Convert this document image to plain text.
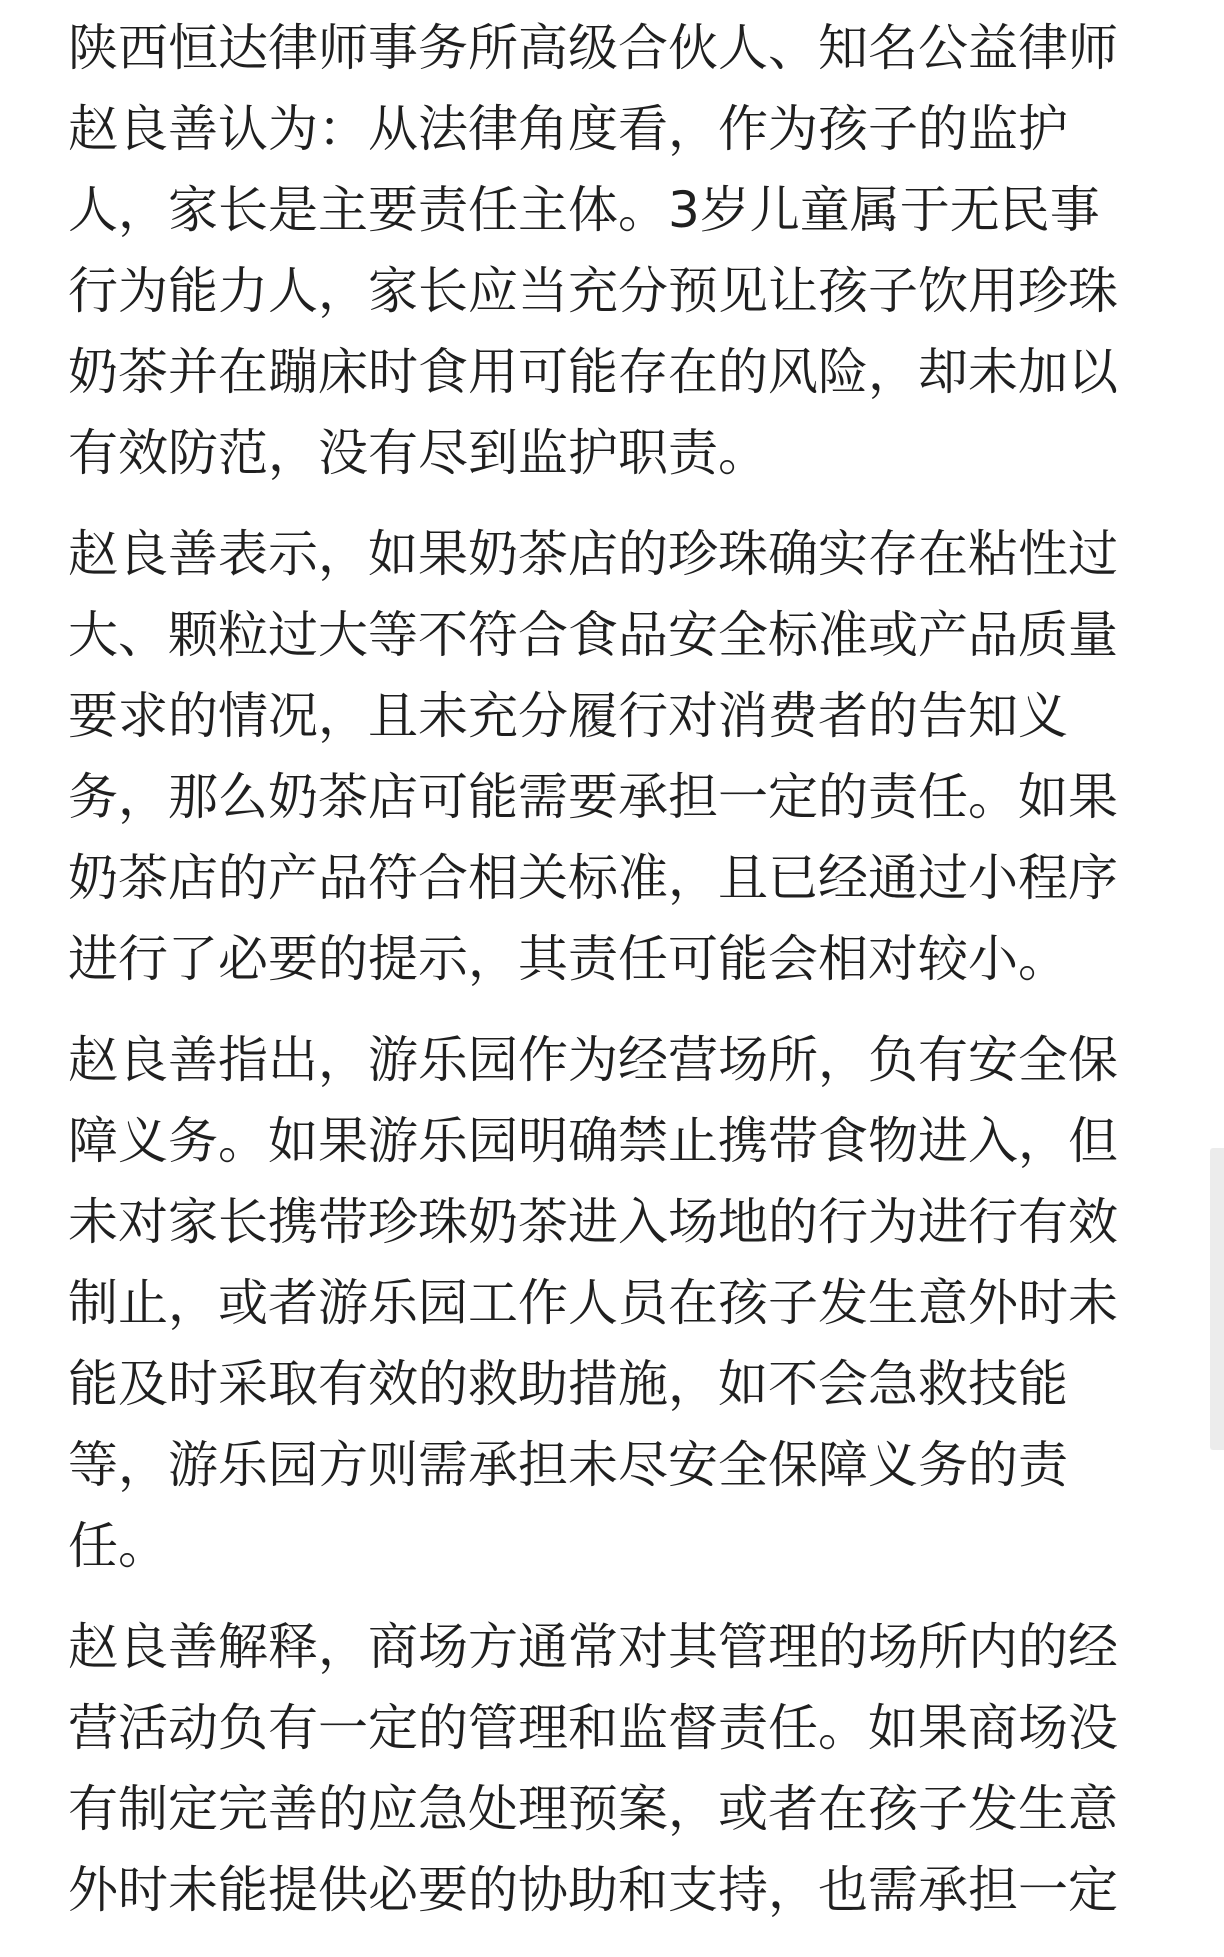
陕西恒达律师事务所高级合伙人、知名公益律师
赵良善认为：从法律角度看，作为孩子的监护
人，家长是主要责任主体。3岁儿童属于无民事
行为能力人，家长应当充分预见让孩子饮用珍珠
奶茶并在蹦床时食用可能存在的风险，却未加以
有效防范，没有尽到监护职责。

赵良善表示，如果奶茶店的珍珠确实存在粘性过
大、颗粒过大等不符合食品安全标准或产品质量
要求的情况，且未充分履行对消费者的告知义
务，那么奶茶店可能需要承担一定的责任。如果
奶茶店的产品符合相关标准，且已经通过小程序
进行了必要的提示，其责任可能会相对较小。

赵良善指出，游乐园作为经营场所，负有安全保
障义务。如果游乐园明确禁止携带食物进入，但
未对家长携带珍珠奶茶进入场地的行为进行有效
制止，或者游乐园工作人员在孩子发生意外时未
能及时采取有效的救助措施，如不会急救技能
等，游乐园方则需承担未尽安全保障义务的责
任。

赵良善解释，商场方通常对其管理的场所内的经
营活动负有一定的管理和监督责任。如果商场没
有制定完善的应急处理预案，或者在孩子发生意
外时未能提供必要的协助和支持，也需承担一定
